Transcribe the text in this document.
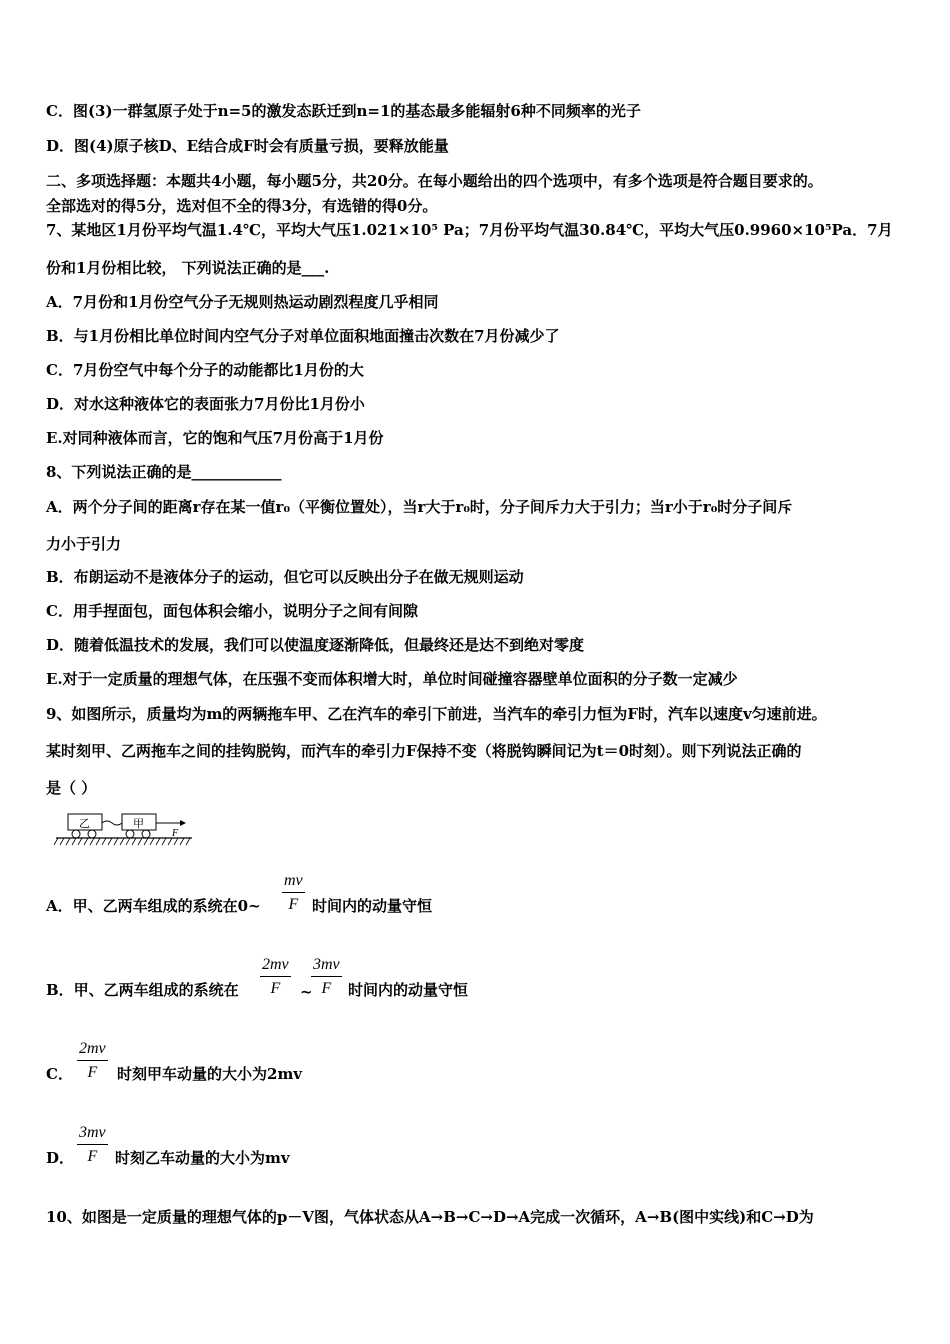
C．图(3)一群氢原子处于n=5的激发态跃迁到n=1的基态最多能辐射6种不同频率的光子
D．图(4)原子核D、E结合成F时会有质量亏损，要释放能量
二、多项选择题：本题共4小题，每小题5分，共20分。在每小题给出的四个选项中，有多个选项是符合题目要求的。
全部选对的得5分，选对但不全的得3分，有选错的得0分。
7、某地区1月份平均气温1.4℃，平均大气压1.021×10⁵ Pa；7月份平均气温30.84℃，平均大气压0.9960×10⁵Pa．7月
份和1月份相比较， 下列说法正确的是___.
A．7月份和1月份空气分子无规则热运动剧烈程度几乎相同
B．与1月份相比单位时间内空气分子对单位面积地面撞击次数在7月份减少了
C．7月份空气中每个分子的动能都比1月份的大
D．对水这种液体它的表面张力7月份比1月份小
E.对同种液体而言，它的饱和气压7月份高于1月份
8、下列说法正确的是____________
A．两个分子间的距离r存在某一值r₀（平衡位置处），当r大于r₀时，分子间斥力大于引力；当r小于r₀时分子间斥
力小于引力
B．布朗运动不是液体分子的运动，但它可以反映出分子在做无规则运动
C．用手捏面包，面包体积会缩小，说明分子之间有间隙
D．随着低温技术的发展，我们可以使温度逐渐降低，但最终还是达不到绝对零度
E.对于一定质量的理想气体，在压强不变而体积增大时，单位时间碰撞容器壁单位面积的分子数一定减少
9、如图所示，质量均为m的两辆拖车甲、乙在汽车的牵引下前进，当汽车的牵引力恒为F时，汽车以速度v匀速前进。
某时刻甲、乙两拖车之间的挂钩脱钩，而汽车的牵引力F保持不变（将脱钩瞬间记为t＝0时刻）。则下列说法正确的
是（ ）
乙	甲
F
A．甲、乙两车组成的系统在0~
mv
F 时间内的动量守恒
B．甲、乙两车组成的系统在
2mv
F	~
3mv
F	时间内的动量守恒
C．
2mv
F	时刻甲车动量的大小为2mv
D．
3mv
F	时刻乙车动量的大小为mv
10、如图是一定质量的理想气体的p－V图，气体状态从A→B→C→D→A完成一次循环，A→B(图中实线)和C→D为
